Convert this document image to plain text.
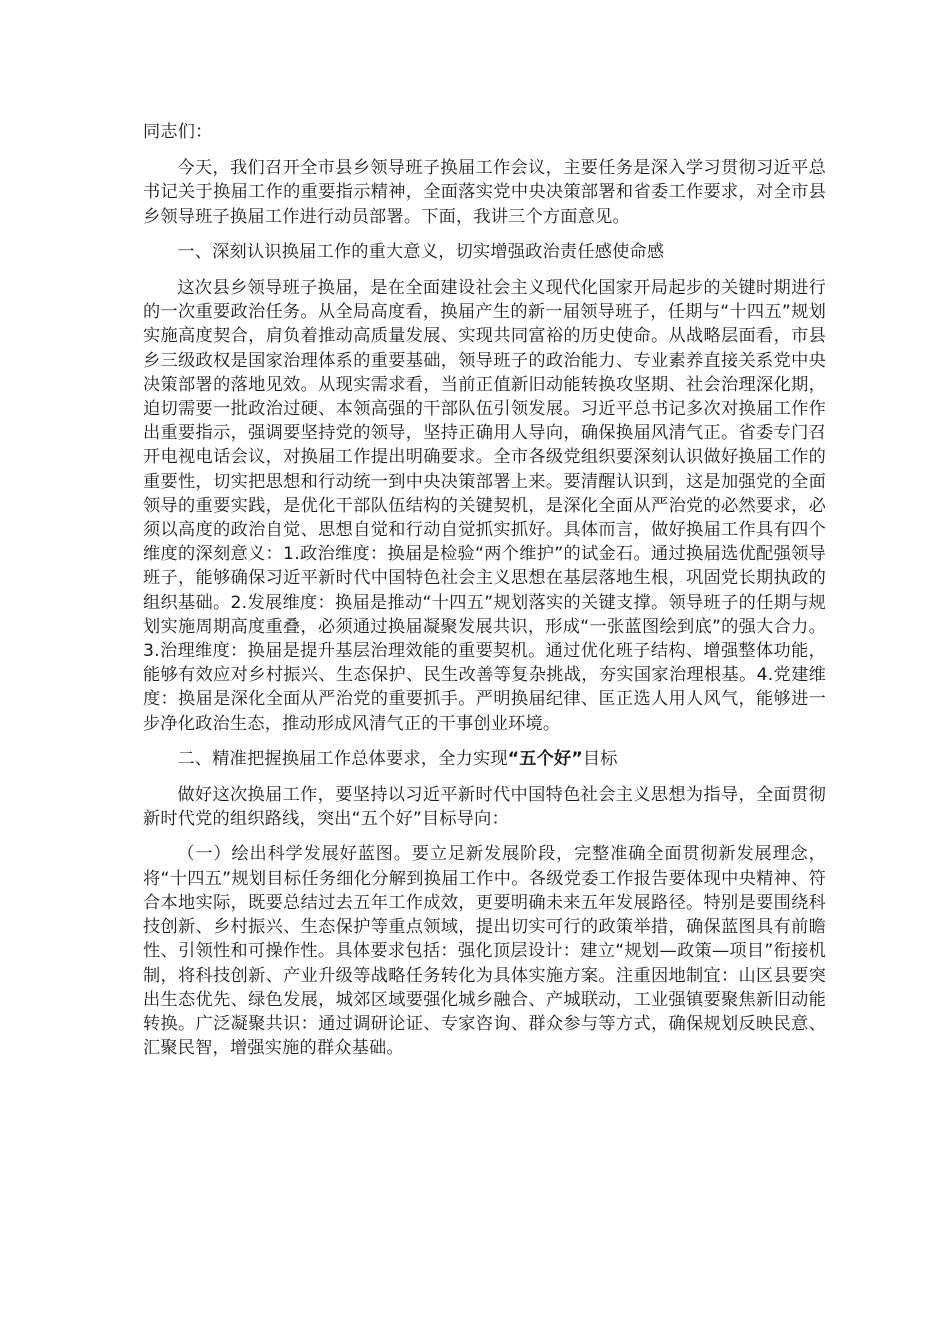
同志们：

今天，我们召开全市县乡领导班子换届工作会议，主要任务是深入学习贯彻习近平总书记关于换届工作的重要指示精神，全面落实党中央决策部署和省委工作要求，对全市县乡领导班子换届工作进行动员部署。下面，我讲三个方面意见。

一、深刻认识换届工作的重大意义，切实增强政治责任感使命感

这次县乡领导班子换届，是在全面建设社会主义现代化国家开局起步的关键时期进行的一次重要政治任务。从全局高度看，换届产生的新一届领导班子，任期与“十四五”规划实施高度契合，肩负着推动高质量发展、实现共同富裕的历史使命。从战略层面看，市县乡三级政权是国家治理体系的重要基础，领导班子的政治能力、专业素养直接关系党中央决策部署的落地见效。从现实需求看，当前正值新旧动能转换攻坚期、社会治理深化期，迫切需要一批政治过硬、本领高强的干部队伍引领发展。习近平总书记多次对换届工作作出重要指示，强调要坚持党的领导，坚持正确用人导向，确保换届风清气正。省委专门召开电视电话会议，对换届工作提出明确要求。全市各级党组织要深刻认识做好换届工作的重要性，切实把思想和行动统一到中央决策部署上来。要清醒认识到，这是加强党的全面领导的重要实践，是优化干部队伍结构的关键契机，是深化全面从严治党的必然要求，必须以高度的政治自觉、思想自觉和行动自觉抓实抓好。具体而言，做好换届工作具有四个维度的深刻意义：1.政治维度：换届是检验“两个维护”的试金石。通过换届选优配强领导班子，能够确保习近平新时代中国特色社会主义思想在基层落地生根，巩固党长期执政的组织基础。2.发展维度：换届是推动“十四五”规划落实的关键支撑。领导班子的任期与规划实施周期高度重叠，必须通过换届凝聚发展共识，形成“一张蓝图绘到底”的强大合力。3.治理维度：换届是提升基层治理效能的重要契机。通过优化班子结构、增强整体功能，能够有效应对乡村振兴、生态保护、民生改善等复杂挑战，夯实国家治理根基。4.党建维度：换届是深化全面从严治党的重要抓手。严明换届纪律、匡正选人用人风气，能够进一步净化政治生态，推动形成风清气正的干事创业环境。

二、精准把握换届工作总体要求，全力实现“五个好”目标

做好这次换届工作，要坚持以习近平新时代中国特色社会主义思想为指导，全面贯彻新时代党的组织路线，突出“五个好”目标导向：

（一）绘出科学发展好蓝图。要立足新发展阶段，完整准确全面贯彻新发展理念，将“十四五”规划目标任务细化分解到换届工作中。各级党委工作报告要体现中央精神、符合本地实际，既要总结过去五年工作成效，更要明确未来五年发展路径。特别是要围绕科技创新、乡村振兴、生态保护等重点领域，提出切实可行的政策举措，确保蓝图具有前瞻性、引领性和可操作性。具体要求包括：强化顶层设计：建立“规划—政策—项目”衔接机制，将科技创新、产业升级等战略任务转化为具体实施方案。注重因地制宜：山区县要突出生态优先、绿色发展，城郊区域要强化城乡融合、产城联动，工业强镇要聚焦新旧动能转换。广泛凝聚共识：通过调研论证、专家咨询、群众参与等方式，确保规划反映民意、汇聚民智，增强实施的群众基础。
